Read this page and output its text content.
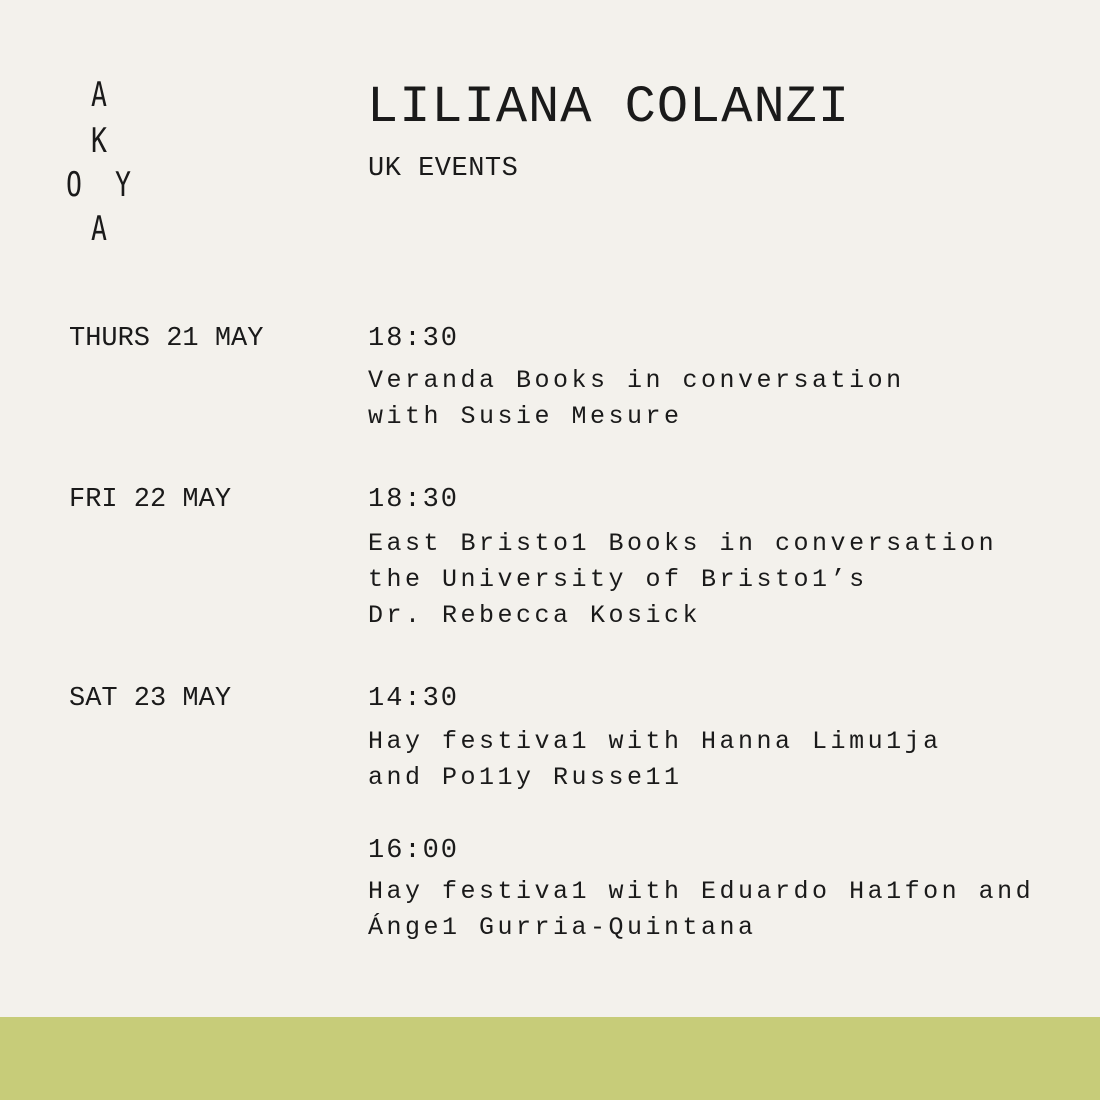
A
K
O Y
A
LILIANA COLANZI
UK EVENTS
THURS 21 MAY	18:30
Veranda Books in conversation
with Susie Mesure
FRI 22 MAY	18:30
East Bristo1 Books in conversation
the University of Bristo1’s
Dr. Rebecca Kosick
SAT 23 MAY	14:30
Hay festiva1 with Hanna Limu1ja
and Po11y Russe11
16:00
Hay festiva1 with Eduardo Ha1fon and
Ánge1 Gurria-Quintana
